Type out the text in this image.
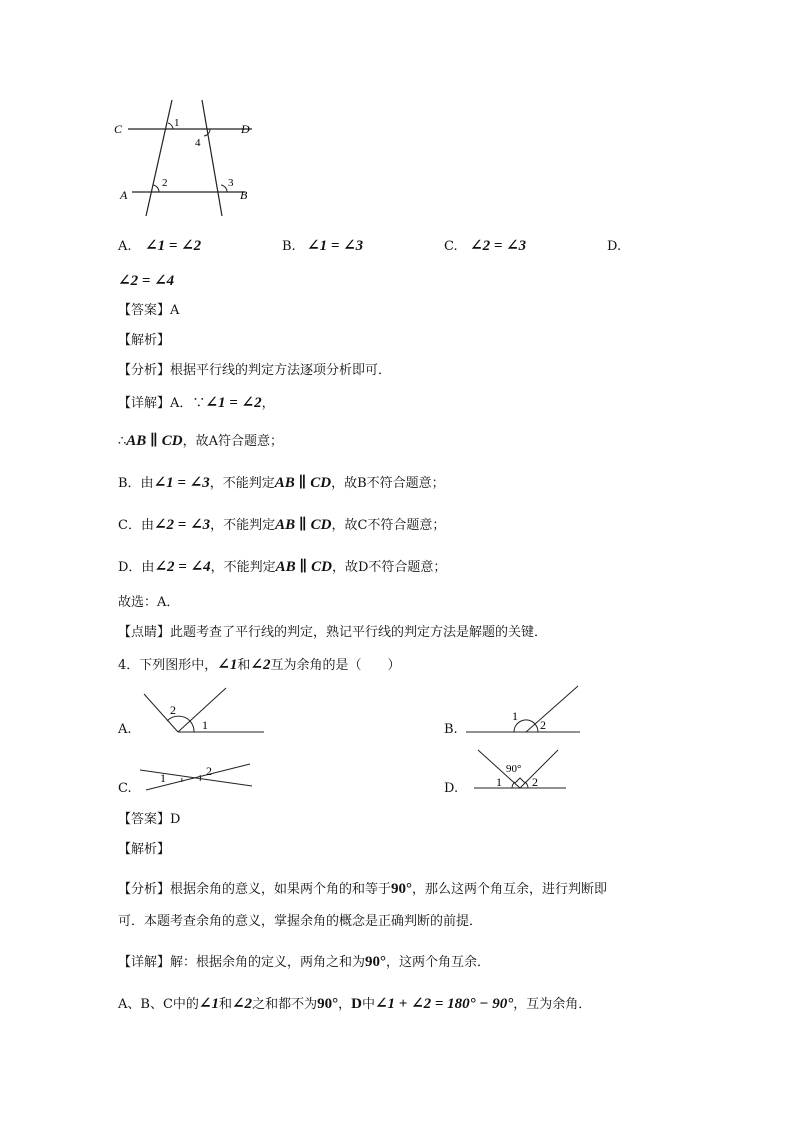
C	D
A	B
1
4
2	3
A. ∠1 = ∠2	B. ∠1 = ∠3	C. ∠2 = ∠3	D.
∠2 = ∠4
【答案】A
【解析】
【分析】根据平行线的判定方法逐项分析即可．
【详解】A．∵∠1 = ∠2，
∴AB ∥ CD，故A符合题意；
B．由∠1 = ∠3，不能判定AB ∥ CD，故B不符合题意；
C．由∠2 = ∠3，不能判定AB ∥ CD，故C不符合题意；
D．由∠2 = ∠4，不能判定AB ∥ CD，故D不符合题意；
故选：A．
【点睛】此题考查了平行线的判定，熟记平行线的判定方法是解题的关键．
4．下列图形中，∠1和∠2互为余角的是（　　）
A.	B.
C.	D.
2
1
1
2
1	2	90°
1	2
【答案】D
【解析】
【分析】根据余角的意义，如果两个角的和等于90°，那么这两个角互余，进行判断即
可．本题考查余角的意义，掌握余角的概念是正确判断的前提．
【详解】解：根据余角的定义，两角之和为90°，这两个角互余．
A、B、C中的∠1和∠2之和都不为90°，D中∠1 + ∠2 = 180° − 90°，互为余角．
